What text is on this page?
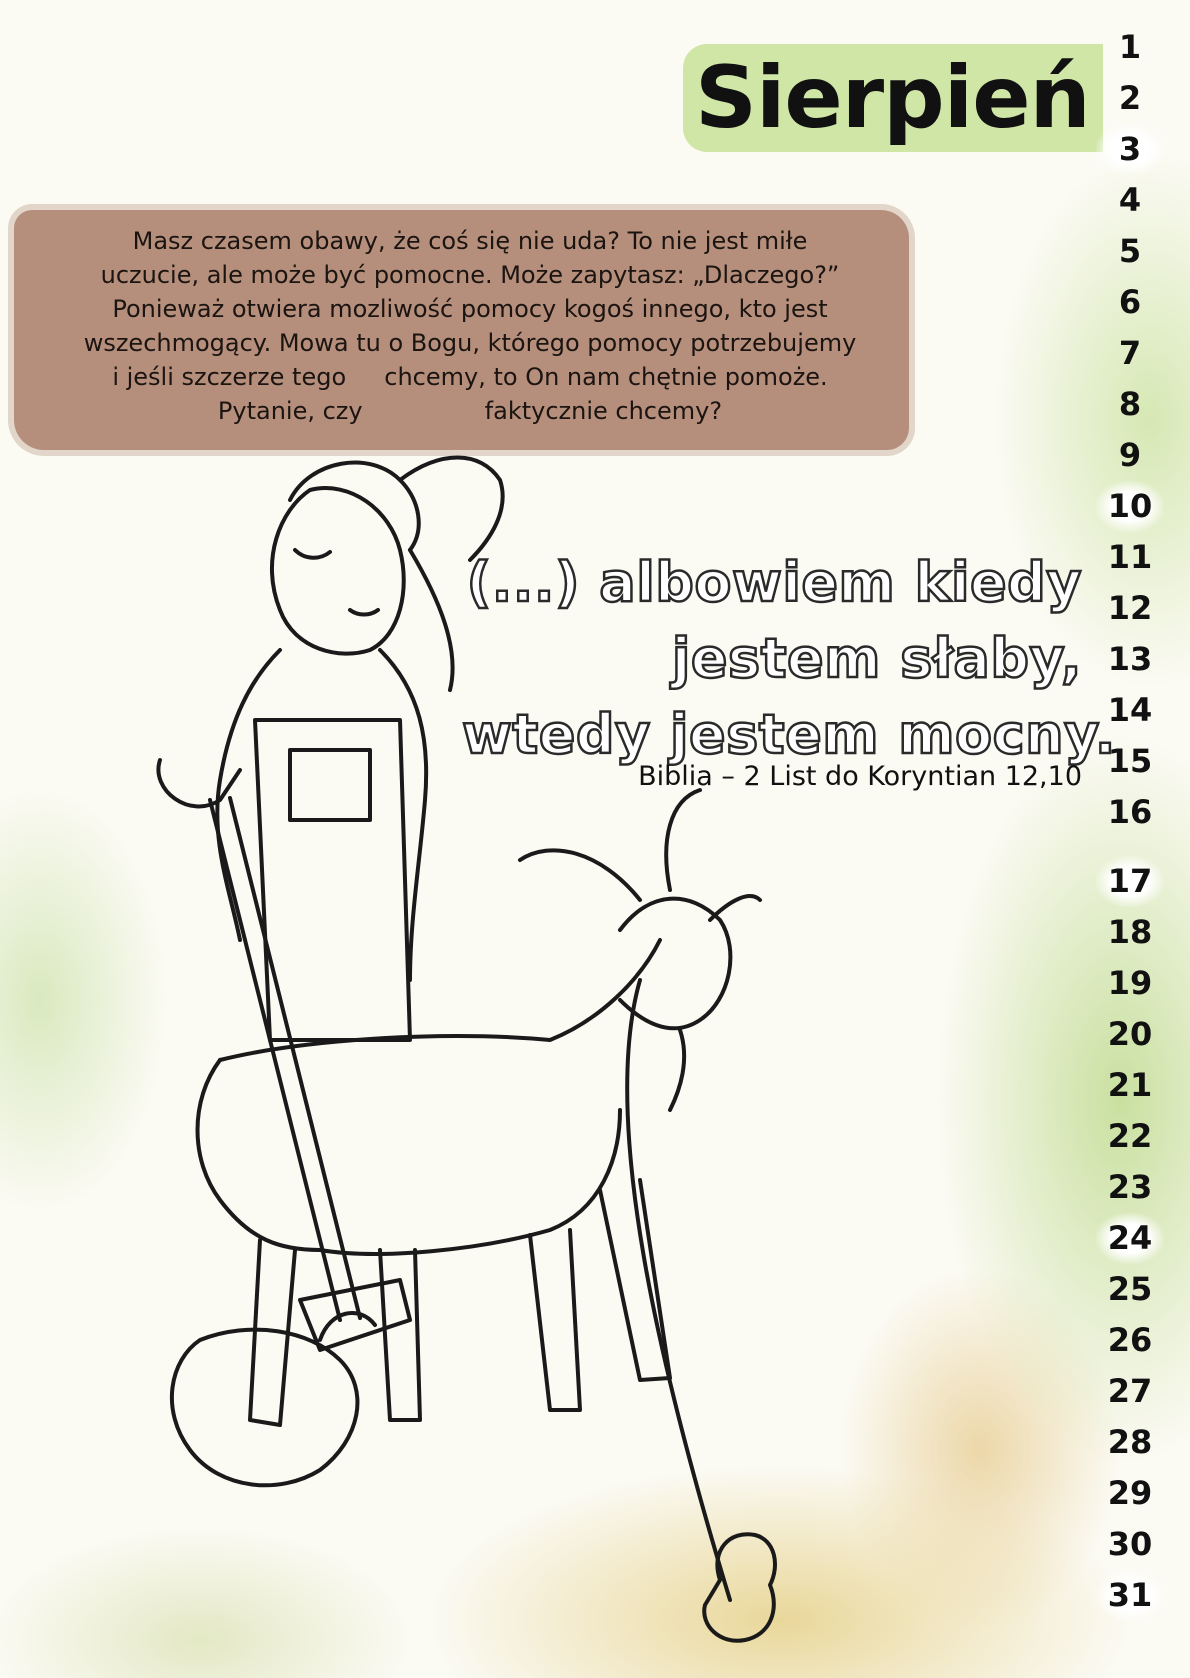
Sierpień
Masz czasem obawy, że coś się nie uda? To nie jest miłe
uczucie, ale może być pomocne. Może zapytasz: „Dlaczego?”
Ponieważ otwiera mozliwość pomocy kogoś innego, kto jest
wszechmogący. Mowa tu o Bogu, którego pomocy potrzebujemy
i jeśli szczerze tego     chcemy, to On nam chętnie pomoże.
Pytanie, czy                faktycznie chcemy?
(...) albowiem kiedy
jestem słaby,
wtedy jestem mocny.
Biblia – 2 List do Koryntian 12,10
1
2
3
4
5
6
7
8
9
10
11
12
13
14
15
16
17
18
19
20
21
22
23
24
25
26
27
28
29
30
31
